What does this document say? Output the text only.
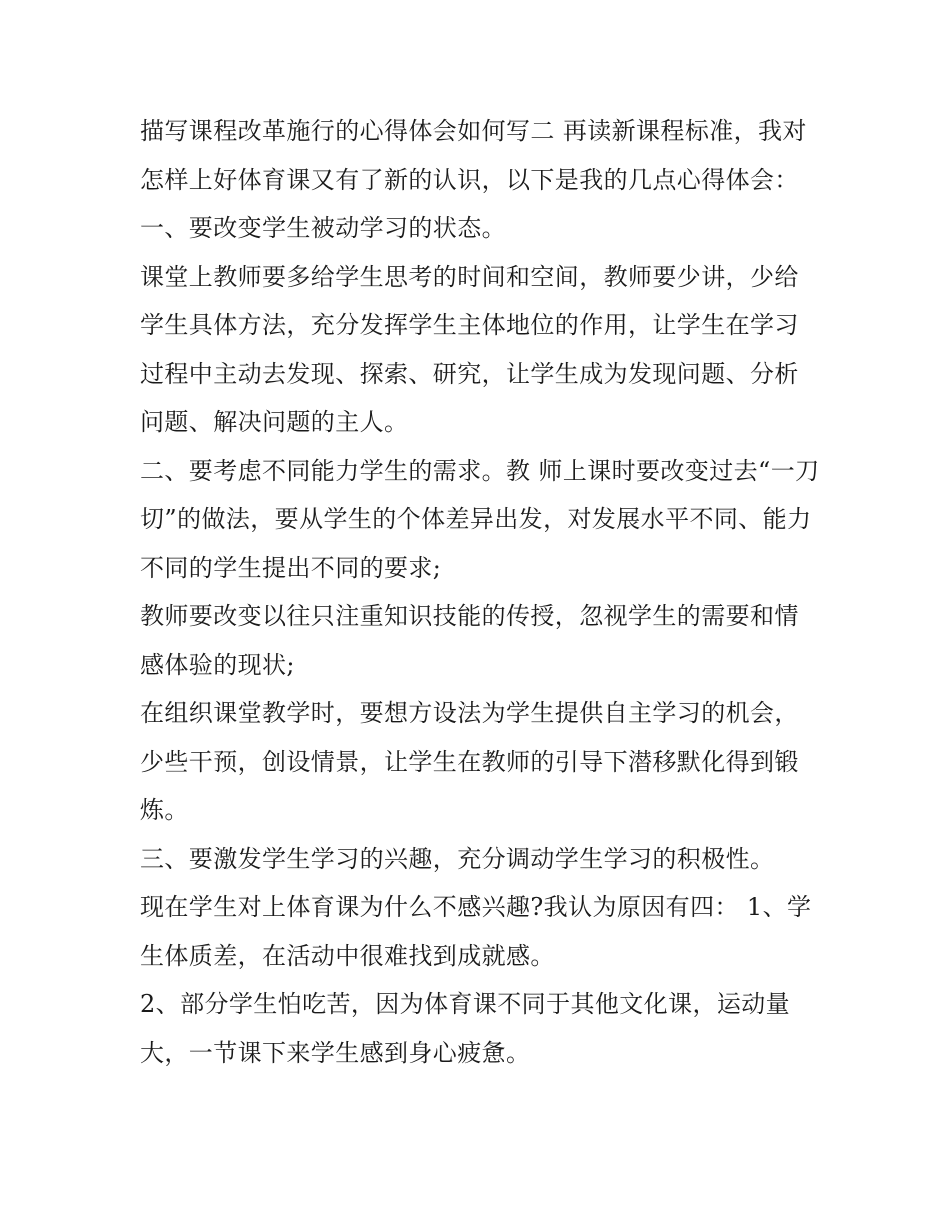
描写课程改革施行的心得体会如何写二 再读新课程标准，我对怎样上好体育课又有了新的认识，以下是我的几点心得体会： 一、要改变学生被动学习的状态。

课堂上教师要多给学生思考的时间和空间，教师要少讲，少给学生具体方法，充分发挥学生主体地位的作用，让学生在学习过程中主动去发现、探索、研究，让学生成为发现问题、分析问题、解决问题的主人。

二、要考虑不同能力学生的需求。教 师上课时要改变过去“一刀切”的做法，要从学生的个体差异出发，对发展水平不同、能力不同的学生提出不同的要求;

教师要改变以往只注重知识技能的传授，忽视学生的需要和情感体验的现状;

在组织课堂教学时，要想方设法为学生提供自主学习的机会，少些干预，创设情景，让学生在教师的引导下潜移默化得到锻炼。

三、要激发学生学习的兴趣，充分调动学生学习的积极性。

现在学生对上体育课为什么不感兴趣?我认为原因有四： 1、学生体质差，在活动中很难找到成就感。

2、部分学生怕吃苦，因为体育课不同于其他文化课，运动量大，一节课下来学生感到身心疲惫。
